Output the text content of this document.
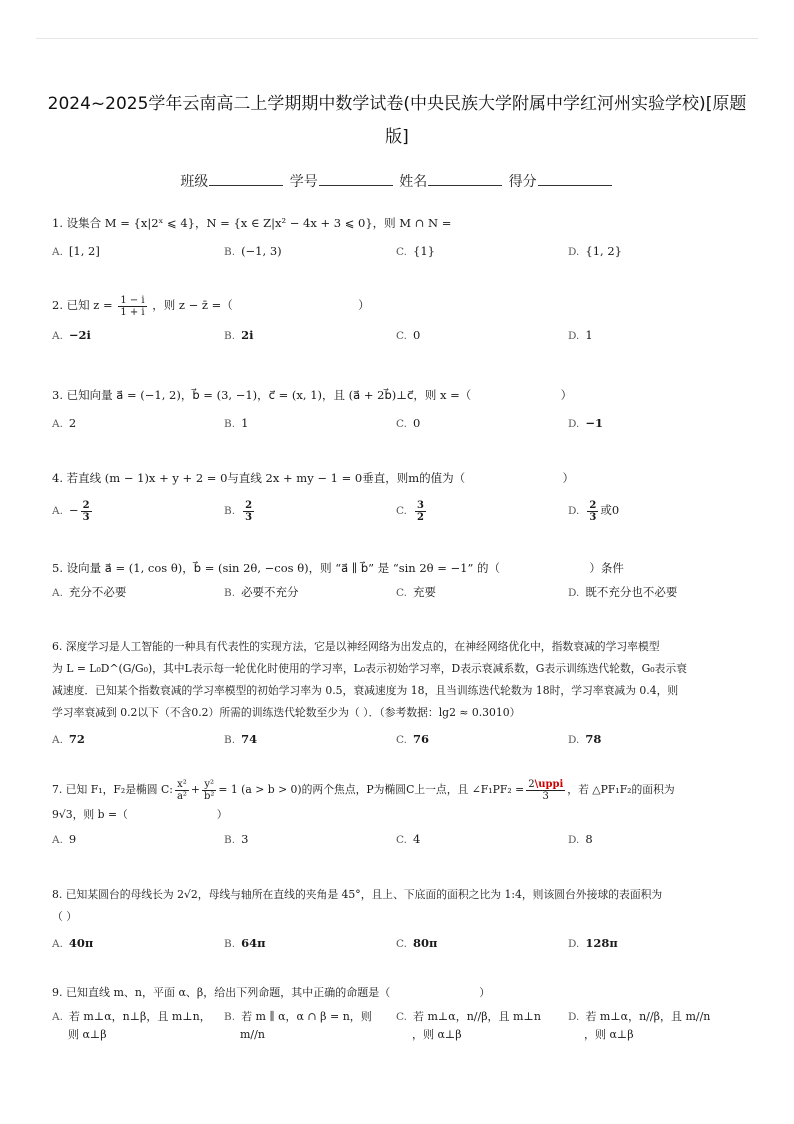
2024~2025学年云南高二上学期期中数学试卷(中央民族大学附属中学红河州实验学校)[原题版]
班级	学号	姓名	得分
1. 设集合 M = {x|2ˣ ⩽ 4}，N = {x ∈ Z|x² − 4x + 3 ⩽ 0}，则 M ∩ N =
A. [1, 2]	B. (−1, 3)	C. {1}	D. {1, 2}
2. 已知 $z = \frac{1 - i}{1 + i}$ ，则 z − z̄ =（	）
A. −2i	B. 2i	C. 0	D. 1
3. 已知向量 a⃗ = (−1, 2)，b⃗ = (3, −1)，c⃗ = (x, 1)，且 (a⃗ + 2b⃗)⊥c⃗，则 x =（	）
A. 2	B. 1	C. 0	D. −1
4. 若直线 (m − 1)x + y + 2 = 0与直线 2x + my − 1 = 0垂直，则m的值为（	）
A. − $\frac{2}{3}$	B. $\frac{2}{3}$	C. $\frac{3}{2}$	D. $\frac{2}{3}$ 或0
5. 设向量 a⃗ = (1, cos θ)，b⃗ = (sin 2θ, −cos θ)，则 “a⃗ ∥ b⃗” 是 “sin 2θ = −1” 的（	）条件
A. 充分不必要	B. 必要不充分	C. 充要	D. 既不充分也不必要
6. 深度学习是人工智能的一种具有代表性的实现方法，它是以神经网络为出发点的，在神经网络优化中，指数衰减的学习率模型
为 L = L₀D^(G/G₀)，其中L表示每一轮优化时使用的学习率，L₀表示初始学习率，D表示衰减系数，G表示训练迭代轮数，G₀表示衰
减速度．已知某个指数衰减的学习率模型的初始学习率为 0.5，衰减速度为 18，且当训练迭代轮数为 18时，学习率衰减为 0.4，则
学习率衰减到 0.2以下（不含0.2）所需的训练迭代轮数至少为（ ）．（参考数据：lg2 ≈ 0.3010）
A. 72	B. 74	C. 76	D. 78
7. 已知 F₁，F₂是椭圆 C: $\frac{\text{x²}}{\text{a²}} + \frac{\text{y²}}{\text{b²}} = 1$ (a > b > 0)的两个焦点，P为椭圆C上一点，且 ∠F₁PF₂ = $\frac{\text{2\textbackslash{}uppi}}{3}$ ，若 △PF₁F₂的面积为
9√3，则 b =（	）
A. 9	B. 3	C. 4	D. 8
8. 已知某圆台的母线长为 2√2，母线与轴所在直线的夹角是 45°，且上、下底面的面积之比为 1:4，则该圆台外接球的表面积为
（ ）
A. 40π	B. 64π	C. 80π	D. 128π
9. 已知直线 m、n，平面 α、β，给出下列命题，其中正确的命题是（	）
A. 若 m⊥α，n⊥β，且 m⊥n，
则 α⊥β
B. 若 m ∥ α，α ∩ β = n，则
m//n
C. 若 m⊥α，n//β，且 m⊥n
，则 α⊥β
D. 若 m⊥α，n//β，且 m//n
，则 α⊥β
